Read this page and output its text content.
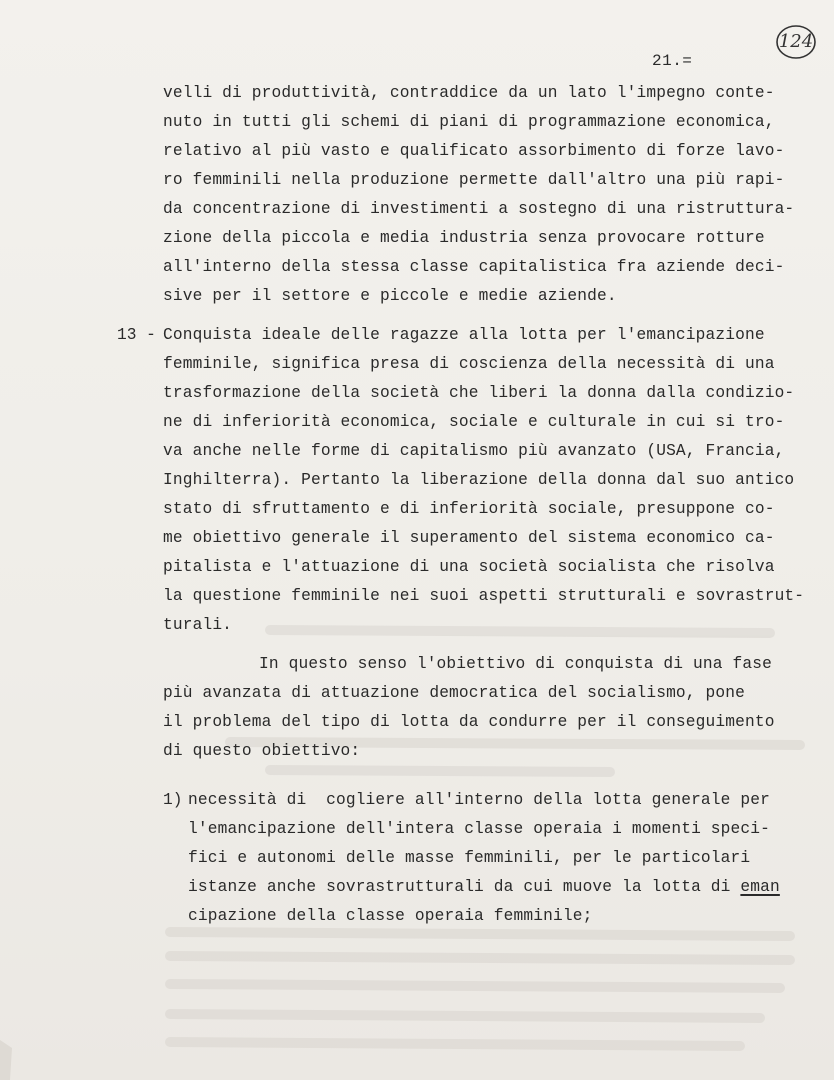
124
21.=
velli di produttività, contraddice da un lato l'impegno conte-
nuto in tutti gli schemi di piani di programmazione economica,
relativo al più vasto e qualificato assorbimento di forze lavo-
ro femminili nella produzione permette dall'altro una più rapi-
da concentrazione di investimenti a sostegno di una ristruttura-
zione della piccola e media industria senza provocare rotture
all'interno della stessa classe capitalistica fra aziende deci-
sive per il settore e piccole e medie aziende.
13 - Conquista ideale delle ragazze alla lotta per l'emancipazione
femminile, significa presa di coscienza della necessità di una
trasformazione della società che liberi la donna dalla condizio-
ne di inferiorità economica, sociale e culturale in cui si tro-
va anche nelle forme di capitalismo più avanzato (USA, Francia,
Inghilterra). Pertanto la liberazione della donna dal suo antico
stato di sfruttamento e di inferiorità sociale, presuppone co-
me obiettivo generale il superamento del sistema economico ca-
pitalista e l'attuazione di una società socialista che risolva
la questione femminile nei suoi aspetti strutturali e sovrastrut-
turali.
In questo senso l'obiettivo di conquista di una fase
più avanzata di attuazione democratica del socialismo, pone
il problema del tipo di lotta da condurre per il conseguimento
di questo obiettivo:
1) necessità di  cogliere all'interno della lotta generale per
l'emancipazione dell'intera classe operaia i momenti speci-
fici e autonomi delle masse femminili, per le particolari
istanze anche sovrastrutturali da cui muove la lotta di eman
cipazione della classe operaia femminile;
